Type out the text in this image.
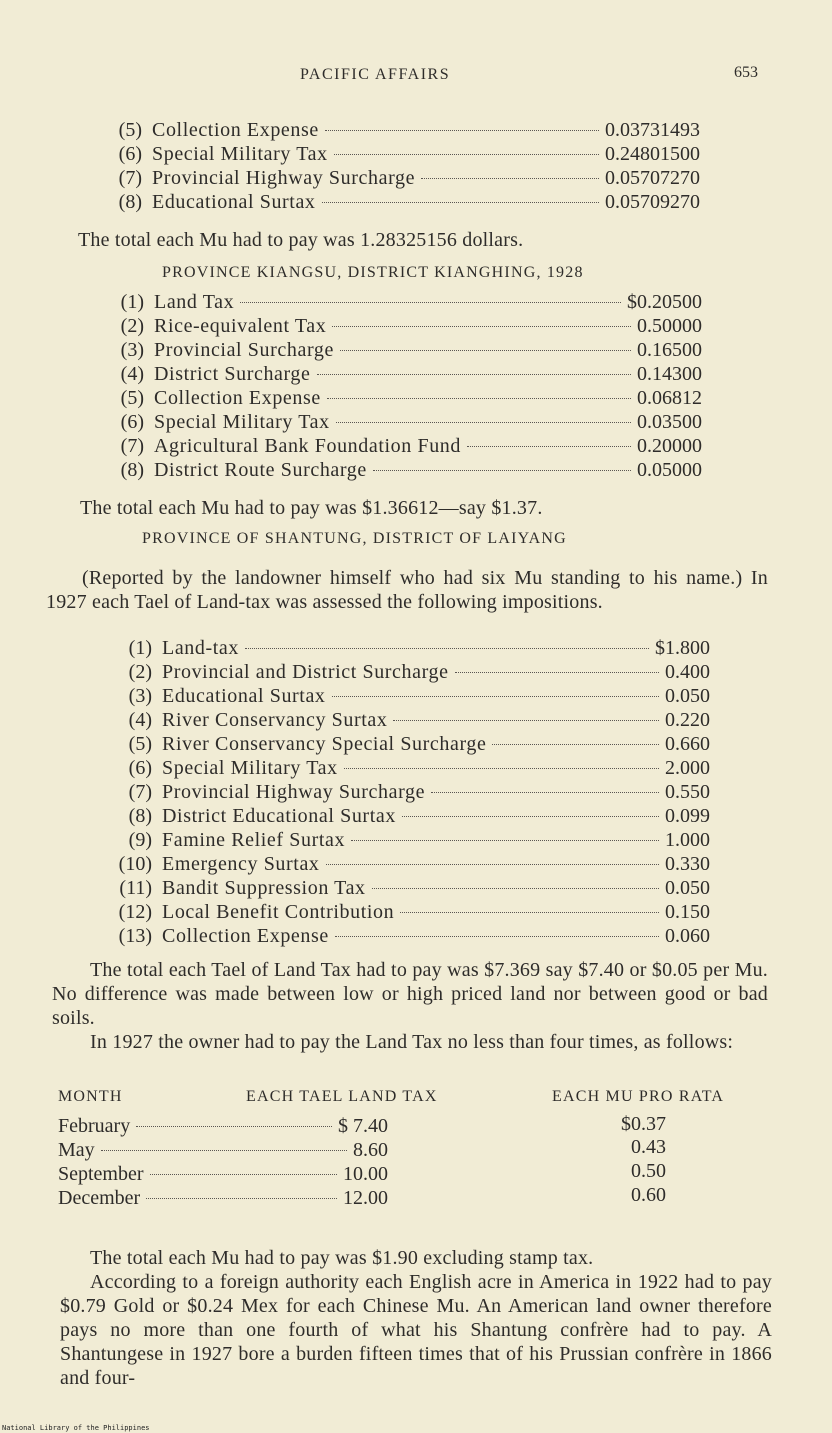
PACIFIC AFFAIRS	653
(5) Collection Expense	0.03731493
(6) Special Military Tax	0.24801500
(7) Provincial Highway Surcharge	0.05707270
(8) Educational Surtax	0.05709270
The total each Mu had to pay was 1.28325156 dollars.
PROVINCE KIANGSU, DISTRICT KIANGHING, 1928
(1) Land Tax	$0.20500
(2) Rice-equivalent Tax	0.50000
(3) Provincial Surcharge	0.16500
(4) District Surcharge	0.14300
(5) Collection Expense	0.06812
(6) Special Military Tax	0.03500
(7) Agricultural Bank Foundation Fund	0.20000
(8) District Route Surcharge	0.05000
The total each Mu had to pay was $1.36612—say $1.37.
PROVINCE OF SHANTUNG, DISTRICT OF LAIYANG
(Reported by the landowner himself who had six Mu standing to his name.) In 1927 each Tael of Land-tax was assessed the following impositions.
(1) Land-tax	$1.800
(2) Provincial and District Surcharge	0.400
(3) Educational Surtax	0.050
(4) River Conservancy Surtax	0.220
(5) River Conservancy Special Surcharge	0.660
(6) Special Military Tax	2.000
(7) Provincial Highway Surcharge	0.550
(8) District Educational Surtax	0.099
(9) Famine Relief Surtax	1.000
(10) Emergency Surtax	0.330
(11) Bandit Suppression Tax	0.050
(12) Local Benefit Contribution	0.150
(13) Collection Expense	0.060
The total each Tael of Land Tax had to pay was $7.369 say $7.40 or $0.05 per Mu. No difference was made between low or high priced land nor between good or bad soils.
In 1927 the owner had to pay the Land Tax no less than four times, as follows:
MONTH	EACH TAEL LAND TAX	EACH MU PRO RATA
February	$ 7.40	$0.37
May	8.60	0.43
September	10.00	0.50
December	12.00	0.60
The total each Mu had to pay was $1.90 excluding stamp tax.
According to a foreign authority each English acre in America in 1922 had to pay $0.79 Gold or $0.24 Mex for each Chinese Mu. An American land owner therefore pays no more than one fourth of what his Shantung confrère had to pay. A Shantungese in 1927 bore a burden fifteen times that of his Prussian confrère in 1866 and four-
National Library of the Philippines
